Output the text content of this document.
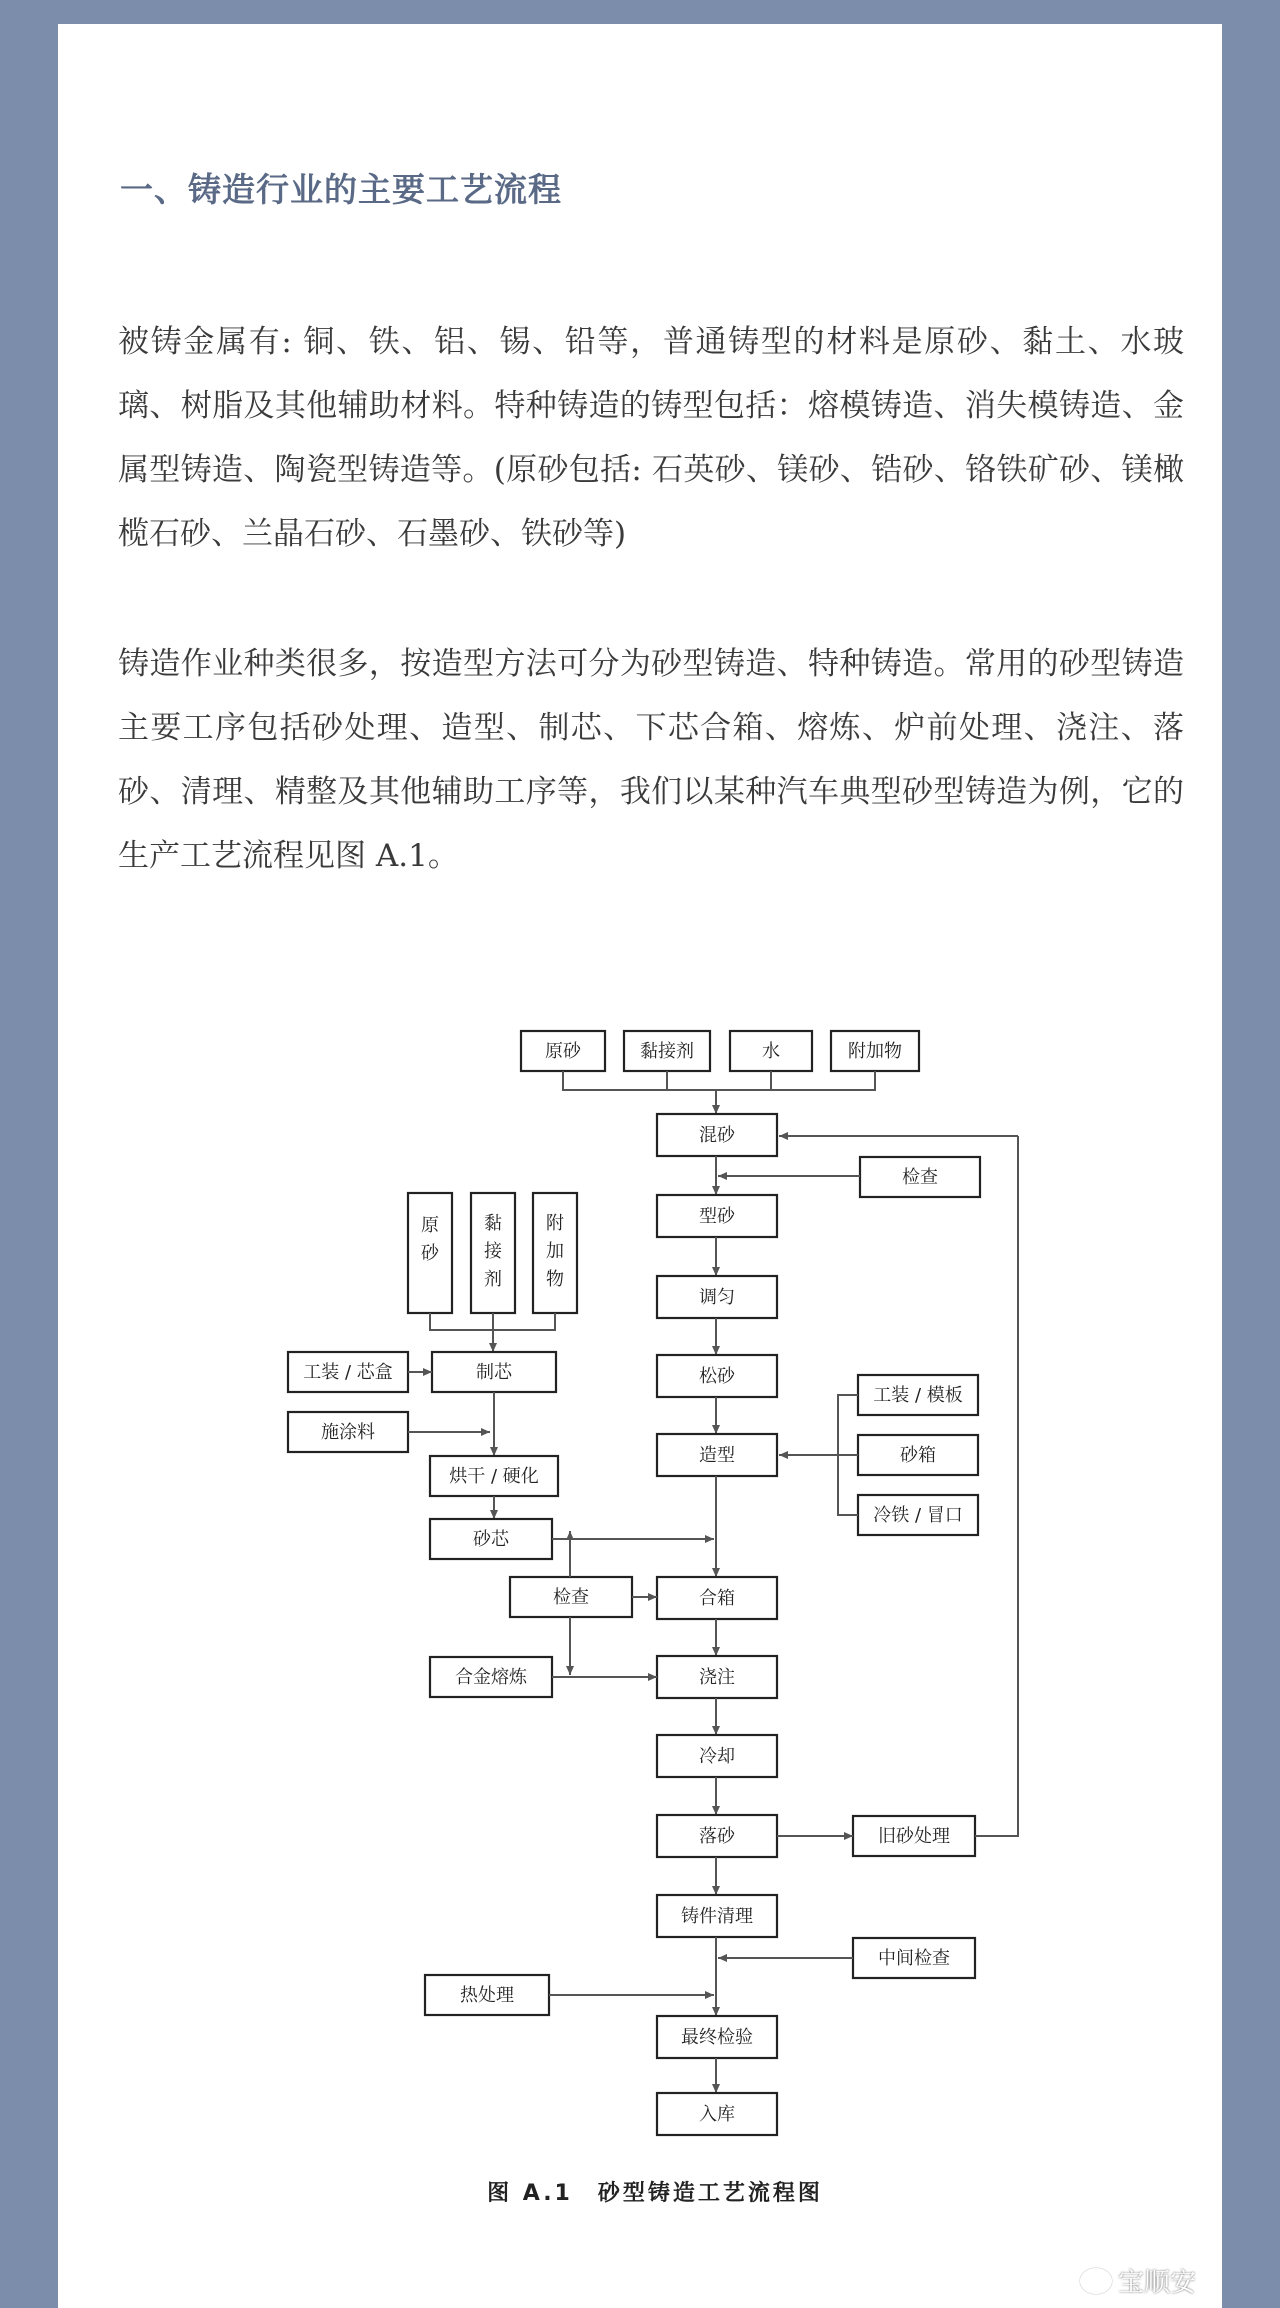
一、铸造行业的主要工艺流程

被铸金属有: 铜、铁、铝、锡、铅等，普通铸型的材料是原砂、黏土、水玻璃、树脂及其他辅助材料。特种铸造的铸型包括：熔模铸造、消失模铸造、金属型铸造、陶瓷型铸造等。(原砂包括: 石英砂、镁砂、锆砂、铬铁矿砂、镁橄榄石砂、兰晶石砂、石墨砂、铁砂等)

铸造作业种类很多，按造型方法可分为砂型铸造、特种铸造。常用的砂型铸造主要工序包括砂处理、造型、制芯、下芯合箱、熔炼、炉前处理、浇注、落砂、清理、精整及其他辅助工序等，我们以某种汽车典型砂型铸造为例，它的生产工艺流程见图 A.1。

原砂	黏接剂	水	附加物
混砂
型砂
调匀
松砂
造型
合箱
浇注
冷却
落砂
铸件清理
最终检验
入库
检查
工装 / 模板
砂箱
冷铁 / 冒口
原砂
黏接剂
附加物
制芯
工装 / 芯盒
施涂料
烘干 / 硬化
砂芯
检查
合金熔炼
旧砂处理
中间检查
热处理
图 A.1　砂型铸造工艺流程图
宝顺安
